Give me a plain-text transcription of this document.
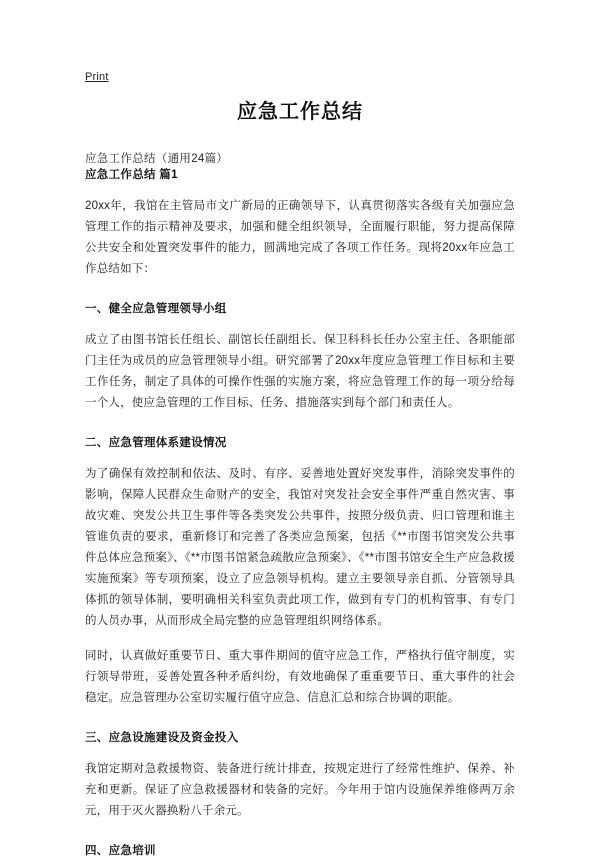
Print
应急工作总结

应急工作总结（通用24篇）

应急工作总结 篇1

20xx年，我馆在主管局市文广新局的正确领导下，认真贯彻落实各级有关加强应急管理工作的指示精神及要求，加强和健全组织领导，全面履行职能，努力提高保障公共安全和处置突发事件的能力，圆满地完成了各项工作任务。现将20xx年应急工作总结如下：

一、健全应急管理领导小组

成立了由图书馆长任组长、副馆长任副组长、保卫科科长任办公室主任、各职能部门主任为成员的应急管理领导小组。研究部署了20xx年度应急管理工作目标和主要工作任务，制定了具体的可操作性强的实施方案，将应急管理工作的每一项分给每一个人，使应急管理的工作目标、任务、措施落实到每个部门和责任人。

二、应急管理体系建设情况

为了确保有效控制和依法、及时、有序、妥善地处置好突发事件，消除突发事件的影响，保障人民群众生命财产的安全，我馆对突发社会安全事件严重自然灾害、事故灾难、突发公共卫生事件等各类突发公共事件，按照分级负责、归口管理和谁主管谁负责的要求，重新修订和完善了各类应急预案，包括《**市图书馆突发公共事件总体应急预案》、《**市图书馆紧急疏散应急预案》、《**市图书馆安全生产应急救援实施预案》等专项预案，设立了应急领导机构。建立主要领导亲自抓、分管领导具体抓的领导体制，要明确相关科室负责此项工作，做到有专门的机构管事、有专门的人员办事，从而形成全局完整的应急管理组织网络体系。

同时，认真做好重要节日、重大事件期间的值守应急工作，严格执行值守制度，实行领导带班，妥善处置各种矛盾纠纷，有效地确保了重重要节日、重大事件的社会稳定。应急管理办公室切实履行值守应急、信息汇总和综合协调的职能。

三、应急设施建设及资金投入

我馆定期对急救援物资、装备进行统计排查，按规定进行了经常性维护、保养、补充和更新。保证了应急救援器材和装备的完好。今年用于馆内设施保养维修两万余元，用于灭火器换粉八千余元。

四、应急培训
